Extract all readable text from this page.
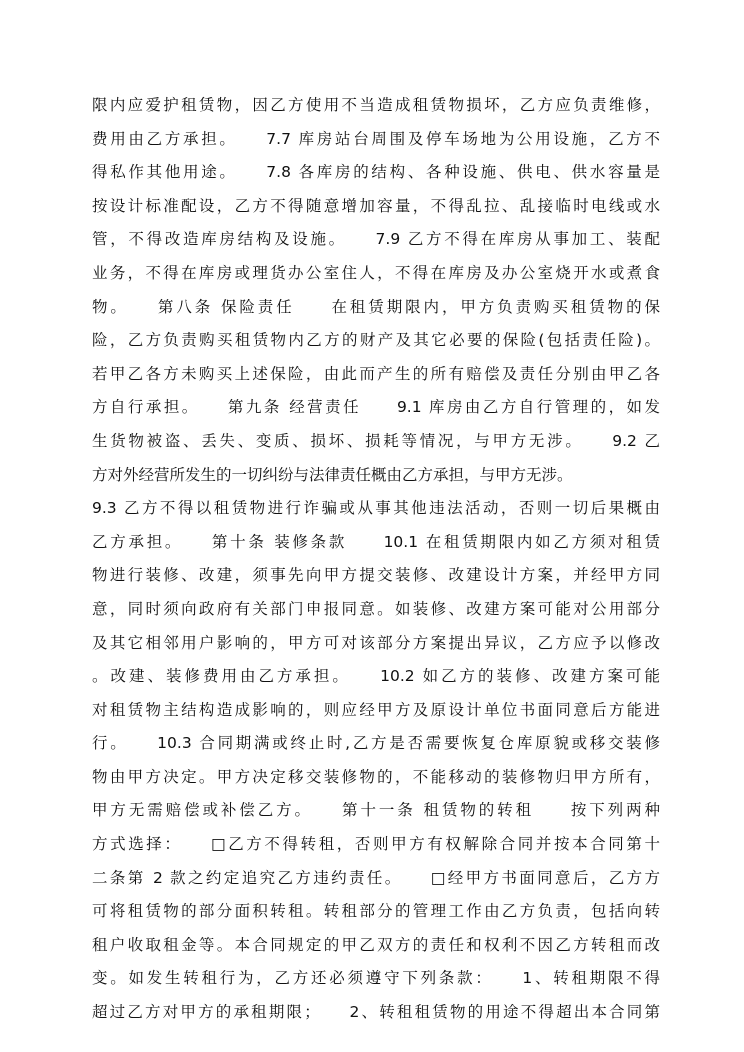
限内应爱护租赁物，因乙方使用不当造成租赁物损坏，乙方应负责维修，
费用由乙方承担。　　7.7 库房站台周围及停车场地为公用设施，乙方不
得私作其他用途。　　7.8 各库房的结构、各种设施、供电、供水容量是
按设计标准配设，乙方不得随意增加容量，不得乱拉、乱接临时电线或水
管，不得改造库房结构及设施。　　7.9 乙方不得在库房从事加工、装配
业务，不得在库房或理货办公室住人，不得在库房及办公室烧开水或煮食
物。　　第八条 保险责任　　在租赁期限内，甲方负责购买租赁物的保
险，乙方负责购买租赁物内乙方的财产及其它必要的保险(包括责任险)。
若甲乙各方未购买上述保险，由此而产生的所有赔偿及责任分别由甲乙各
方自行承担。　　第九条 经营责任　　9.1 库房由乙方自行管理的，如发
生货物被盗、丢失、变质、损坏、损耗等情况，与甲方无涉。　　9.2 乙
方对外经营所发生的一切纠纷与法律责任概由乙方承担，与甲方无涉。
9.3 乙方不得以租赁物进行诈骗或从事其他违法活动，否则一切后果概由
乙方承担。　　第十条 装修条款　　10.1 在租赁期限内如乙方须对租赁
物进行装修、改建，须事先向甲方提交装修、改建设计方案，并经甲方同
意，同时须向政府有关部门申报同意。如装修、改建方案可能对公用部分
及其它相邻用户影响的，甲方可对该部分方案提出异议，乙方应予以修改
。改建、装修费用由乙方承担。　　10.2 如乙方的装修、改建方案可能
对租赁物主结构造成影响的，则应经甲方及原设计单位书面同意后方能进
行。　　10.3 合同期满或终止时,乙方是否需要恢复仓库原貌或移交装修
物由甲方决定。甲方决定移交装修物的，不能移动的装修物归甲方所有，
甲方无需赔偿或补偿乙方。　　第十一条 租赁物的转租　　按下列两种
方式选择：　　□乙方不得转租，否则甲方有权解除合同并按本合同第十
二条第 2 款之约定追究乙方违约责任。　　□经甲方书面同意后，乙方方
可将租赁物的部分面积转租。转租部分的管理工作由乙方负责，包括向转
租户收取租金等。本合同规定的甲乙双方的责任和权利不因乙方转租而改
变。如发生转租行为，乙方还必须遵守下列条款：　　1、转租期限不得
超过乙方对甲方的承租期限；　　2、转租租赁物的用途不得超出本合同第
